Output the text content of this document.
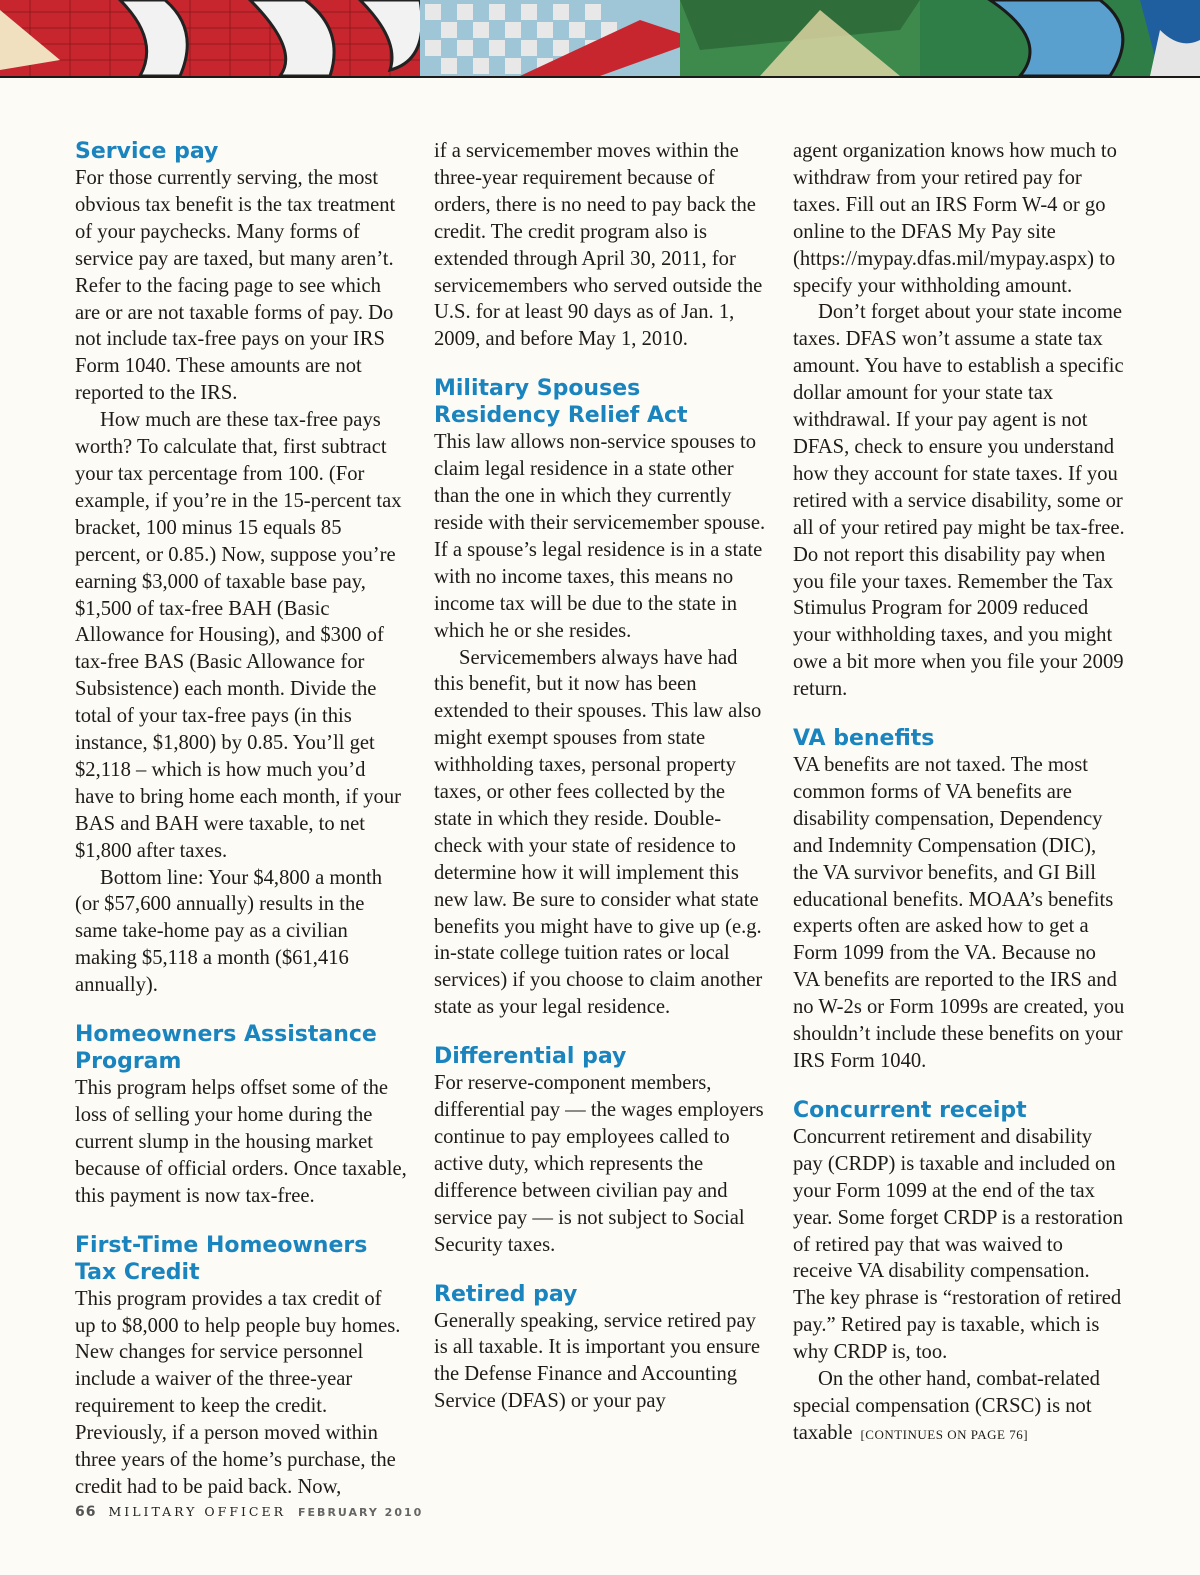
Service pay

For those currently serving, the most obvious tax benefit is the tax treatment of your paychecks. Many forms of service pay are taxed, but many aren’t. Refer to the facing page to see which are or are not taxable forms of pay. Do not include tax-free pays on your IRS Form 1040. These amounts are not reported to the IRS.

How much are these tax-free pays worth? To calculate that, first subtract your tax percentage from 100. (For example, if you’re in the 15-percent tax bracket, 100 minus 15 equals 85 percent, or 0.85.) Now, suppose you’re earning $3,000 of taxable base pay, $1,500 of tax-free BAH (Basic Allowance for Housing), and $300 of tax-free BAS (Basic Allowance for Subsistence) each month. Divide the total of your tax-free pays (in this instance, $1,800) by 0.85. You’ll get $2,118 – which is how much you’d have to bring home each month, if your BAS and BAH were taxable, to net $1,800 after taxes.

Bottom line: Your $4,800 a month (or $57,600 annually) results in the same take-home pay as a civilian making $5,118 a month ($61,416 annually).

Homeowners Assistance Program

This program helps offset some of the loss of selling your home during the current slump in the housing market because of official orders. Once taxable, this payment is now tax-free.

First-Time Homeowners Tax Credit

This program provides a tax credit of up to $8,000 to help people buy homes. New changes for service personnel include a waiver of the three-year requirement to keep the credit. Previously, if a person moved within three years of the home’s purchase, the credit had to be paid back. Now,

if a servicemember moves within the three-year requirement because of orders, there is no need to pay back the credit. The credit program also is extended through April 30, 2011, for servicemembers who served outside the U.S. for at least 90 days as of Jan. 1, 2009, and before May 1, 2010.

Military Spouses Residency Relief Act

This law allows non-service spouses to claim legal residence in a state other than the one in which they currently reside with their servicemember spouse. If a spouse’s legal residence is in a state with no income taxes, this means no income tax will be due to the state in which he or she resides.

Servicemembers always have had this benefit, but it now has been extended to their spouses. This law also might exempt spouses from state withholding taxes, personal property taxes, or other fees collected by the state in which they reside. Double-check with your state of residence to determine how it will implement this new law. Be sure to consider what state benefits you might have to give up (e.g. in-state college tuition rates or local services) if you choose to claim another state as your legal residence.

Differential pay

For reserve-component members, differential pay — the wages employers continue to pay employees called to active duty, which represents the difference between civilian pay and service pay — is not subject to Social Security taxes.

Retired pay

Generally speaking, service retired pay is all taxable. It is important you ensure the Defense Finance and Accounting Service (DFAS) or your pay

agent organization knows how much to withdraw from your retired pay for taxes. Fill out an IRS Form W-4 or go online to the DFAS My Pay site (https://mypay.dfas.mil/mypay.aspx) to specify your withholding amount.

Don’t forget about your state income taxes. DFAS won’t assume a state tax amount. You have to establish a specific dollar amount for your state tax withdrawal. If your pay agent is not DFAS, check to ensure you understand how they account for state taxes. If you retired with a service disability, some or all of your retired pay might be tax-free. Do not report this disability pay when you file your taxes. Remember the Tax Stimulus Program for 2009 reduced your withholding taxes, and you might owe a bit more when you file your 2009 return.

VA benefits

VA benefits are not taxed. The most common forms of VA benefits are disability compensation, Dependency and Indemnity Compensation (DIC), the VA survivor benefits, and GI Bill educational benefits. MOAA’s benefits experts often are asked how to get a Form 1099 from the VA. Because no VA benefits are reported to the IRS and no W-2s or Form 1099s are created, you shouldn’t include these benefits on your IRS Form 1040.

Concurrent receipt

Concurrent retirement and disability pay (CRDP) is taxable and included on your Form 1099 at the end of the tax year. Some forget CRDP is a restoration of retired pay that was waived to receive VA disability compensation. The key phrase is “restoration of retired pay.” Retired pay is taxable, which is why CRDP is, too.

On the other hand, combat-related special compensation (CRSC) is not taxable [CONTINUES ON PAGE 76]

66 MILITARY OFFICER FEBRUARY 2010
